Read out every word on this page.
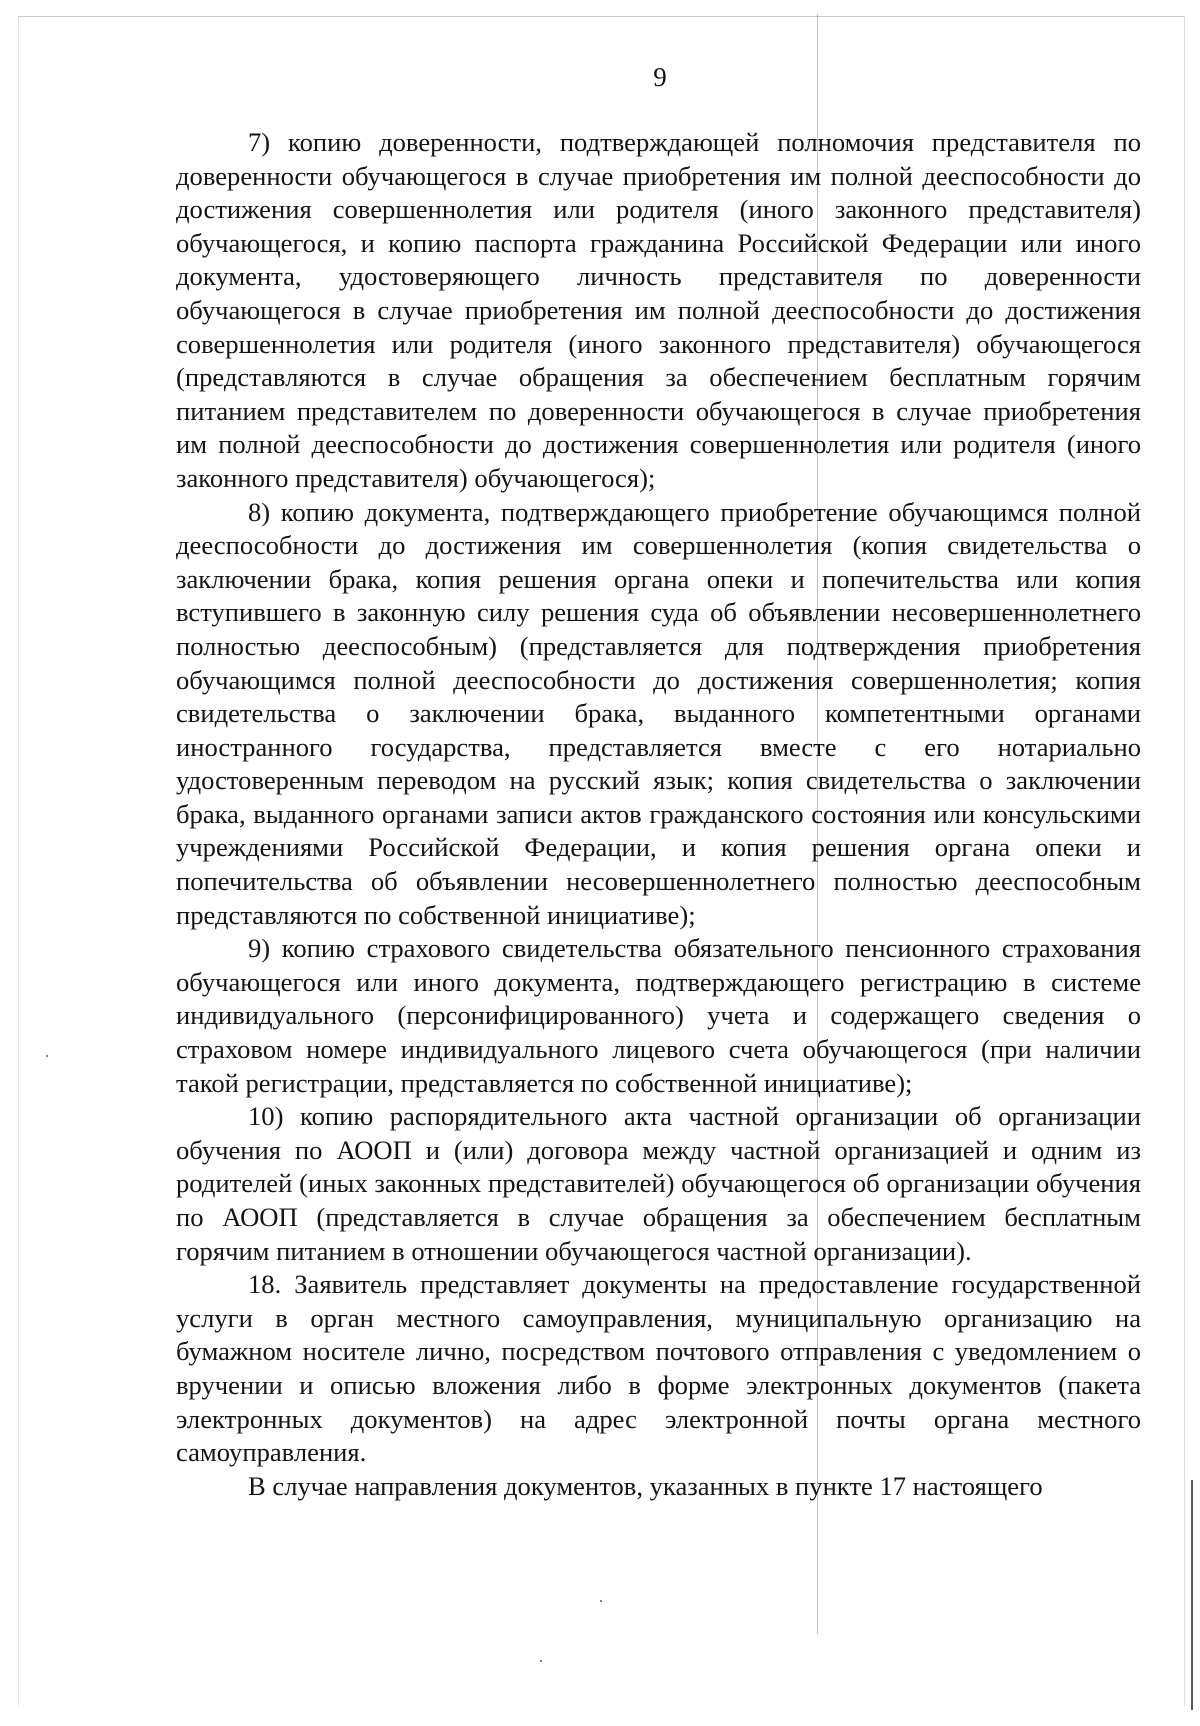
9

7) копию доверенности, подтверждающей полномочия представителя по доверенности обучающегося в случае приобретения им полной дееспособности до достижения совершеннолетия или родителя (иного законного представителя) обучающегося, и копию паспорта гражданина Российской Федерации или иного документа, удостоверяющего личность представителя по доверенности обучающегося в случае приобретения им полной дееспособности до достижения совершеннолетия или родителя (иного законного представителя) обучающегося (представляются в случае обращения за обеспечением бесплатным горячим питанием представителем по доверенности обучающегося в случае приобретения им полной дееспособности до достижения совершеннолетия или родителя (иного законного представителя) обучающегося);

8) копию документа, подтверждающего приобретение обучающимся полной дееспособности до достижения им совершеннолетия (копия свидетельства о заключении брака, копия решения органа опеки и попечительства или копия вступившего в законную силу решения суда об объявлении несовершеннолетнего полностью дееспособным) (представляется для подтверждения приобретения обучающимся полной дееспособности до достижения совершеннолетия; копия свидетельства о заключении брака, выданного компетентными органами иностранного государства, представляется вместе с его нотариально удостоверенным переводом на русский язык; копия свидетельства о заключении брака, выданного органами записи актов гражданского состояния или консульскими учреждениями Российской Федерации, и копия решения органа опеки и попечительства об объявлении несовершеннолетнего полностью дееспособным представляются по собственной инициативе);

9) копию страхового свидетельства обязательного пенсионного страхования обучающегося или иного документа, подтверждающего регистрацию в системе индивидуального (персонифицированного) учета и содержащего сведения о страховом номере индивидуального лицевого счета обучающегося (при наличии такой регистрации, представляется по собственной инициативе);

10) копию распорядительного акта частной организации об организации обучения по АООП и (или) договора между частной организацией и одним из родителей (иных законных представителей) обучающегося об организации обучения по АООП (представляется в случае обращения за обеспечением бесплатным горячим питанием в отношении обучающегося частной организации).

18. Заявитель представляет документы на предоставление государственной услуги в орган местного самоуправления, муниципальную организацию на бумажном носителе лично, посредством почтового отправления с уведомлением о вручении и описью вложения либо в форме электронных документов (пакета электронных документов) на адрес электронной почты органа местного самоуправления.

В случае направления документов, указанных в пункте 17 настоящего
